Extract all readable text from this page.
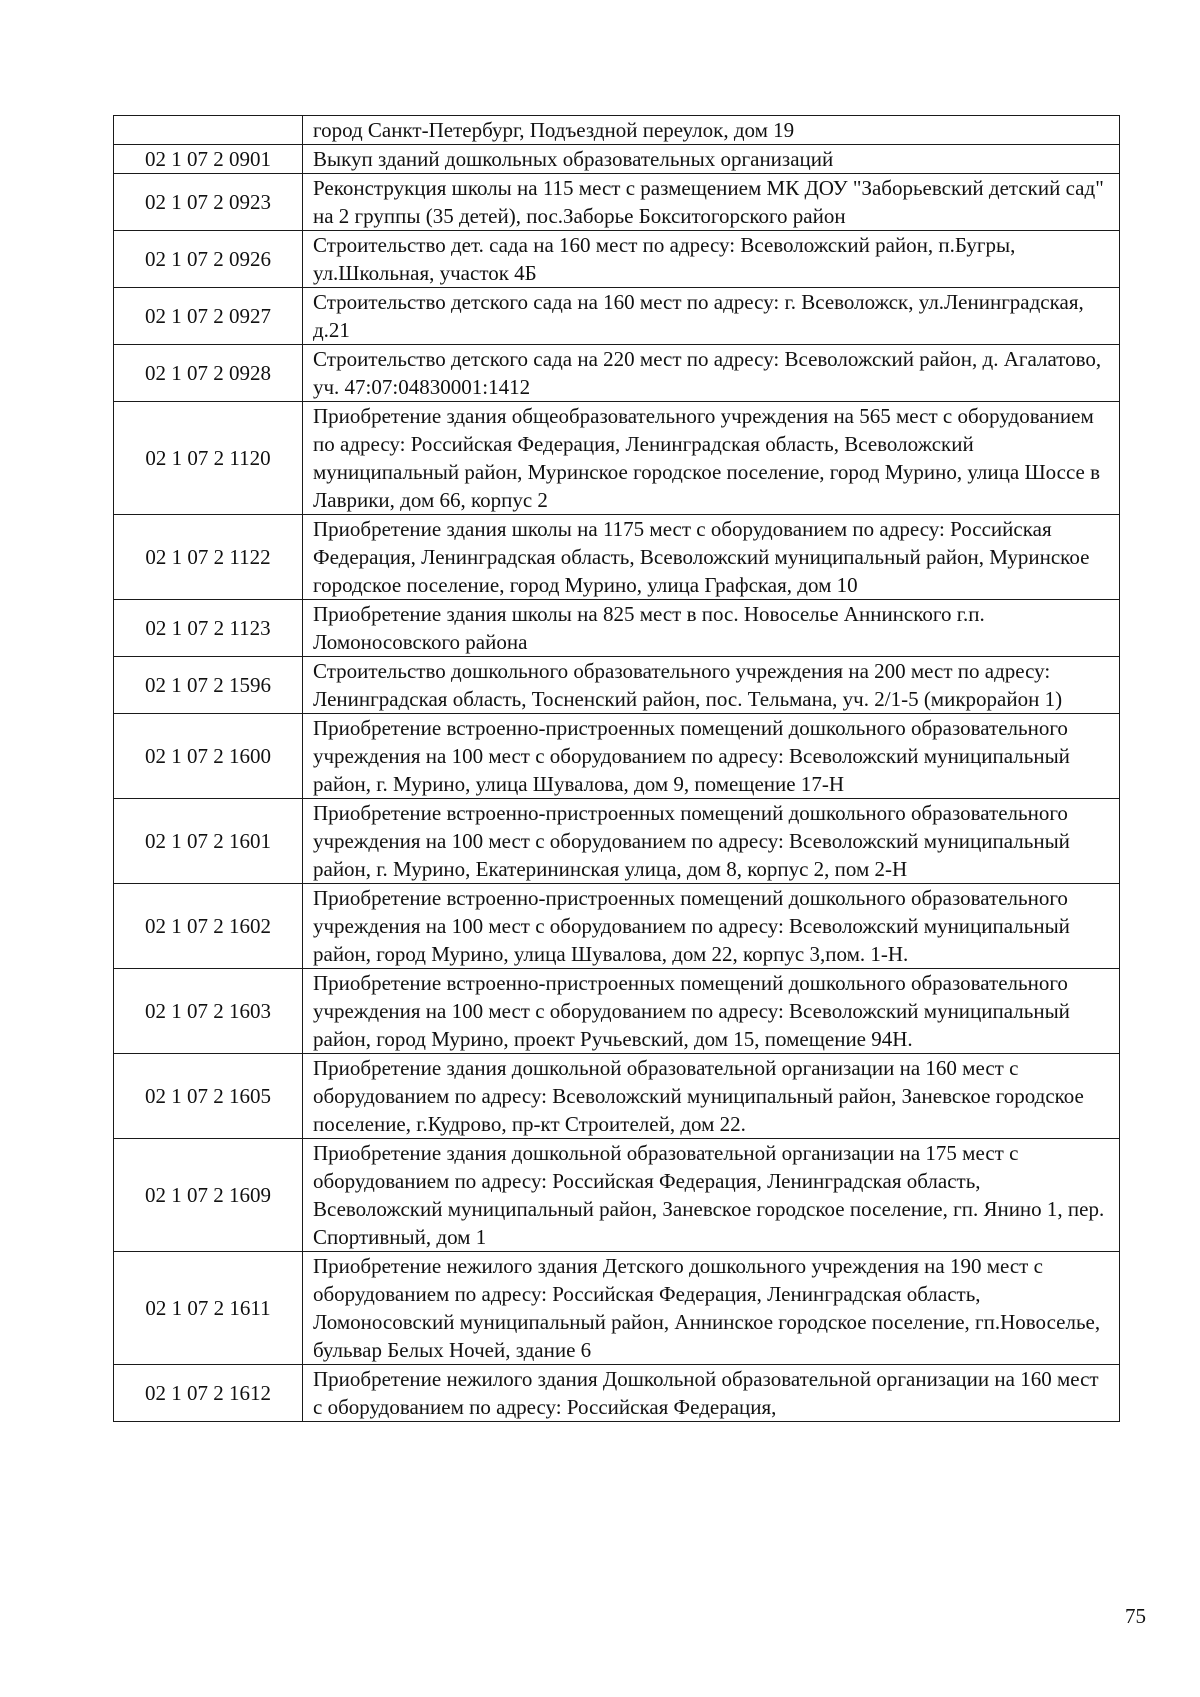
	город Санкт-Петербург, Подъездной переулок, дом 19
02 1 07 2 0901	Выкуп зданий дошкольных образовательных организаций
02 1 07 2 0923	Реконструкция школы на 115 мест с размещением МК ДОУ "Заборьевский детский сад" на 2 группы (35 детей), пос.Заборье Бокситогорского район
02 1 07 2 0926	Строительство дет. сада на 160 мест по адресу: Всеволожский район, п.Бугры, ул.Школьная, участок 4Б
02 1 07 2 0927	Строительство детского сада на 160 мест по адресу: г. Всеволожск, ул.Ленинградская, д.21
02 1 07 2 0928	Строительство детского сада на 220 мест по адресу: Всеволожский район, д. Агалатово, уч. 47:07:04830001:1412
02 1 07 2 1120	Приобретение здания общеобразовательного учреждения на 565 мест с оборудованием по адресу: Российская Федерация, Ленинградская область, Всеволожский муниципальный район, Муринское городское поселение, город Мурино, улица Шоссе в Лаврики, дом 66, корпус 2
02 1 07 2 1122	Приобретение здания школы на 1175 мест с оборудованием по адресу: Российская Федерация, Ленинградская область, Всеволожский муниципальный район, Муринское городское поселение, город Мурино, улица Графская, дом 10
02 1 07 2 1123	Приобретение здания школы на 825 мест в пос. Новоселье Аннинского г.п. Ломоносовского района
02 1 07 2 1596	Строительство дошкольного образовательного учреждения на 200 мест по адресу: Ленинградская область, Тосненский район, пос. Тельмана, уч. 2/1-5 (микрорайон 1)
02 1 07 2 1600	Приобретение встроенно-пристроенных помещений дошкольного образовательного учреждения на 100 мест с оборудованием по адресу: Всеволожский муниципальный район, г. Мурино, улица Шувалова, дом 9, помещение 17-Н
02 1 07 2 1601	Приобретение встроенно-пристроенных помещений дошкольного образовательного учреждения на 100 мест с оборудованием по адресу: Всеволожский муниципальный район, г. Мурино, Екатерининская улица, дом 8, корпус 2, пом 2-Н
02 1 07 2 1602	Приобретение встроенно-пристроенных помещений дошкольного образовательного учреждения на 100 мест с оборудованием по адресу: Всеволожский муниципальный район, город Мурино, улица Шувалова, дом 22, корпус 3,пом. 1-Н.
02 1 07 2 1603	Приобретение встроенно-пристроенных помещений дошкольного образовательного учреждения на 100 мест с оборудованием по адресу: Всеволожский муниципальный район, город Мурино, проект Ручьевский, дом 15, помещение 94Н.
02 1 07 2 1605	Приобретение здания дошкольной образовательной организации на 160 мест с оборудованием по адресу: Всеволожский муниципальный район, Заневское городское поселение, г.Кудрово, пр-кт Строителей, дом 22.
02 1 07 2 1609	Приобретение здания дошкольной образовательной организации на 175 мест с оборудованием по адресу: Российская Федерация, Ленинградская область, Всеволожский муниципальный район, Заневское городское поселение, гп. Янино 1, пер. Спортивный, дом 1
02 1 07 2 1611	Приобретение нежилого здания Детского дошкольного учреждения на 190 мест с оборудованием по адресу: Российская Федерация, Ленинградская область, Ломоносовский муниципальный район, Аннинское городское поселение, гп.Новоселье, бульвар Белых Ночей, здание 6
02 1 07 2 1612	Приобретение нежилого здания Дошкольной образовательной организации на 160 мест с оборудованием по адресу: Российская Федерация,
75
